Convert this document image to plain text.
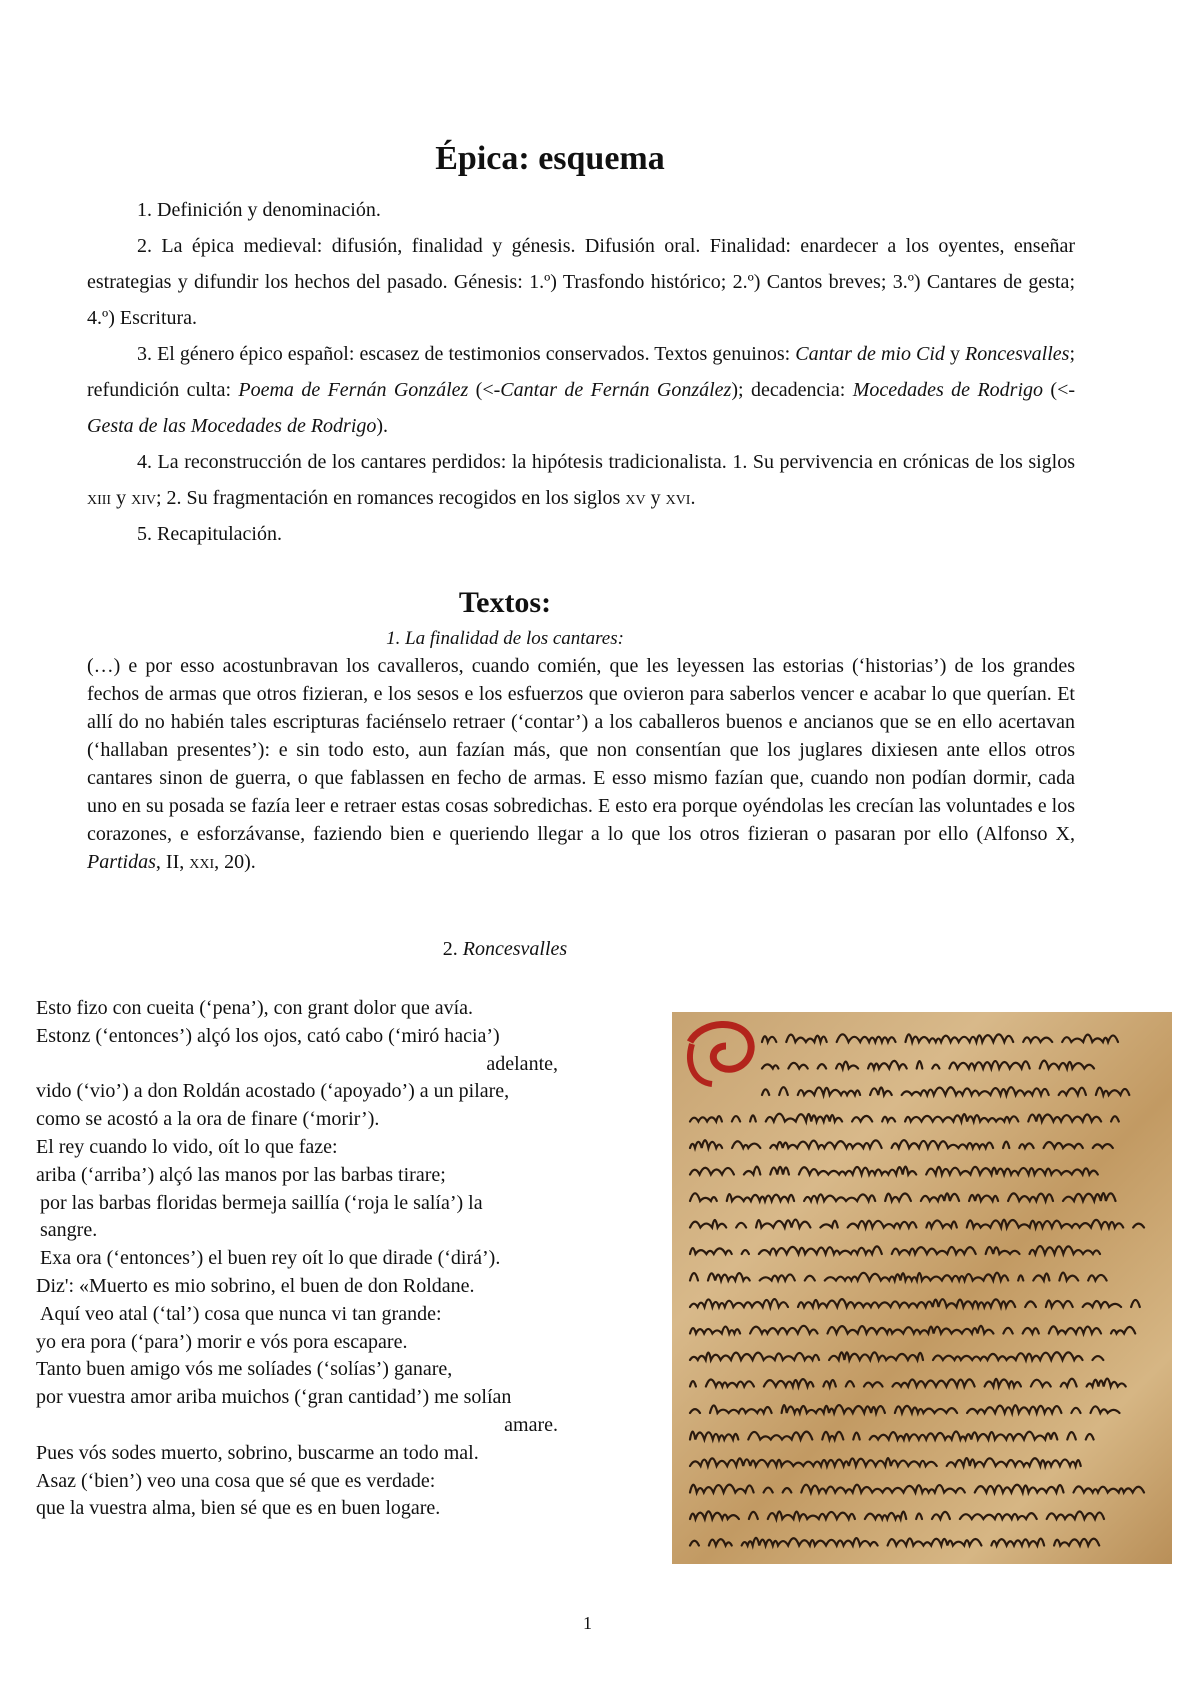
Épica: esquema

1. Definición y denominación.

2. La épica medieval: difusión, finalidad y génesis. Difusión oral. Finalidad: enardecer a los oyentes, enseñar estrategias y difundir los hechos del pasado. Génesis: 1.º) Trasfondo histórico; 2.º) Cantos breves; 3.º) Cantares de gesta; 4.º) Escritura.

3. El género épico español: escasez de testimonios conservados. Textos genuinos: Cantar de mio Cid y Roncesvalles; refundición culta: Poema de Fernán González (<-Cantar de Fernán González); decadencia: Mocedades de Rodrigo (<-Gesta de las Mocedades de Rodrigo).

4. La reconstrucción de los cantares perdidos: la hipótesis tradicionalista. 1. Su pervivencia en crónicas de los siglos xiii y xiv; 2. Su fragmentación en romances recogidos en los siglos xv y xvi.

5. Recapitulación.

Textos:

1. La finalidad de los cantares:

(…) e por esso acostunbravan los cavalleros, cuando comién, que les leyessen las estorias (‘historias’) de los grandes fechos de armas que otros fizieran, e los sesos e los esfuerzos que ovieron para saberlos vencer e acabar lo que querían. Et allí do no habién tales escripturas faciénselo retraer (‘contar’) a los caballeros buenos e ancianos que se en ello acertavan (‘hallaban presentes’): e sin todo esto, aun fazían más, que non consentían que los juglares dixiesen ante ellos otros cantares sinon de guerra, o que fablassen en fecho de armas. E esso mismo fazían que, cuando non podían dormir, cada uno en su posada se fazía leer e retraer estas cosas sobredichas. E esto era porque oyéndolas les crecían las voluntades e los corazones, e esforzávanse, faziendo bien e queriendo llegar a lo que los otros fizieran o pasaran por ello (Alfonso X, Partidas, II, xxi, 20).

2. Roncesvalles

Esto fizo con cueita (‘pena’), con grant dolor que avía.
Estonz (‘entonces’) alçó los ojos, cató cabo (‘miró hacia’)
adelante,
vido (‘vio’) a don Roldán acostado (‘apoyado’) a un pilare,
como se acostó a la ora de finare (‘morir’).
El rey cuando lo vido, oít lo que faze:
ariba (‘arriba’) alçó las manos por las barbas tirare;
por las barbas floridas bermeja saillía (‘roja le salía’) la
sangre.
Exa ora (‘entonces’) el buen rey oít lo que dirade (‘dirá’).
Diz': «Muerto es mio sobrino, el buen de don Roldane.
Aquí veo atal (‘tal’) cosa que nunca vi tan grande:
yo era pora (‘para’) morir e vós pora escapare.
Tanto buen amigo vós me solíades (‘solías’) ganare,
por vuestra amor ariba muichos (‘gran cantidad’) me solían
amare.
Pues vós sodes muerto, sobrino, buscarme an todo mal.
Asaz (‘bien’) veo una cosa que sé que es verdade:
que la vuestra alma, bien sé que es en buen logare.
1
